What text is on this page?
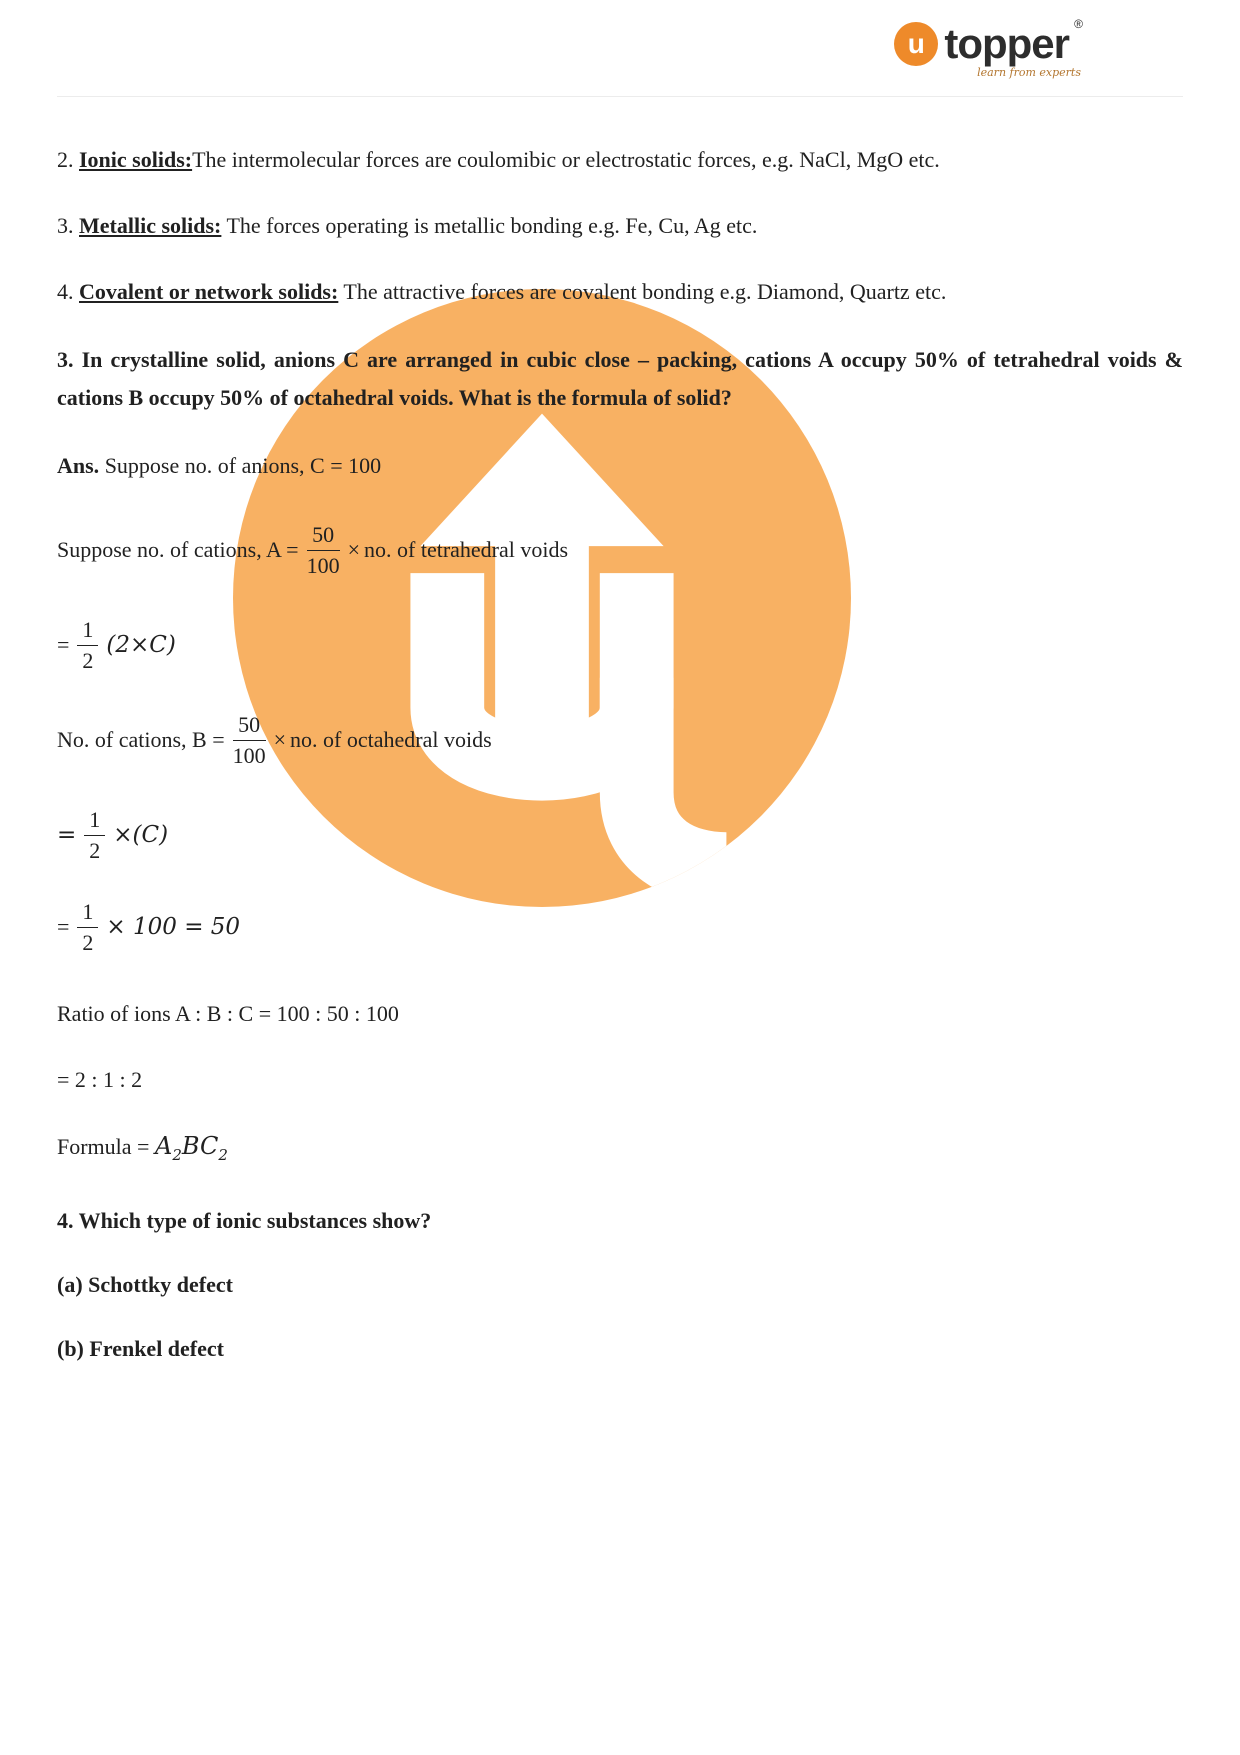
u topper ®
learn from experts

2. Ionic solids:The intermolecular forces are coulomibic or electrostatic forces, e.g. NaCl, MgO etc.

3. Metallic solids: The forces operating is metallic bonding e.g. Fe, Cu, Ag etc.

4. Covalent or network solids: The attractive forces are covalent bonding e.g. Diamond, Quartz etc.

3. In crystalline solid, anions C are arranged in cubic close – packing, cations A occupy 50% of tetrahedral voids & cations B occupy 50% of octahedral voids. What is the formula of solid?

Ans. Suppose no. of anions, C = 100

Suppose no. of cations, $A = \frac{50}{100}$ × no. of tetrahedral voids
= $\frac{1}{2} (2\times C)$
No. of cations, $B = \frac{50}{100}$ × no. of octahedral voids
= $\frac{1}{2} \times(C)$
= $\frac{1}{2} \times 100 = 50$

Ratio of ions A : B : C = 100 : 50 : 100

= 2 : 1 : 2

Formula = $A_2BC_2$

4. Which type of ionic substances show?

(a) Schottky defect

(b) Frenkel defect
